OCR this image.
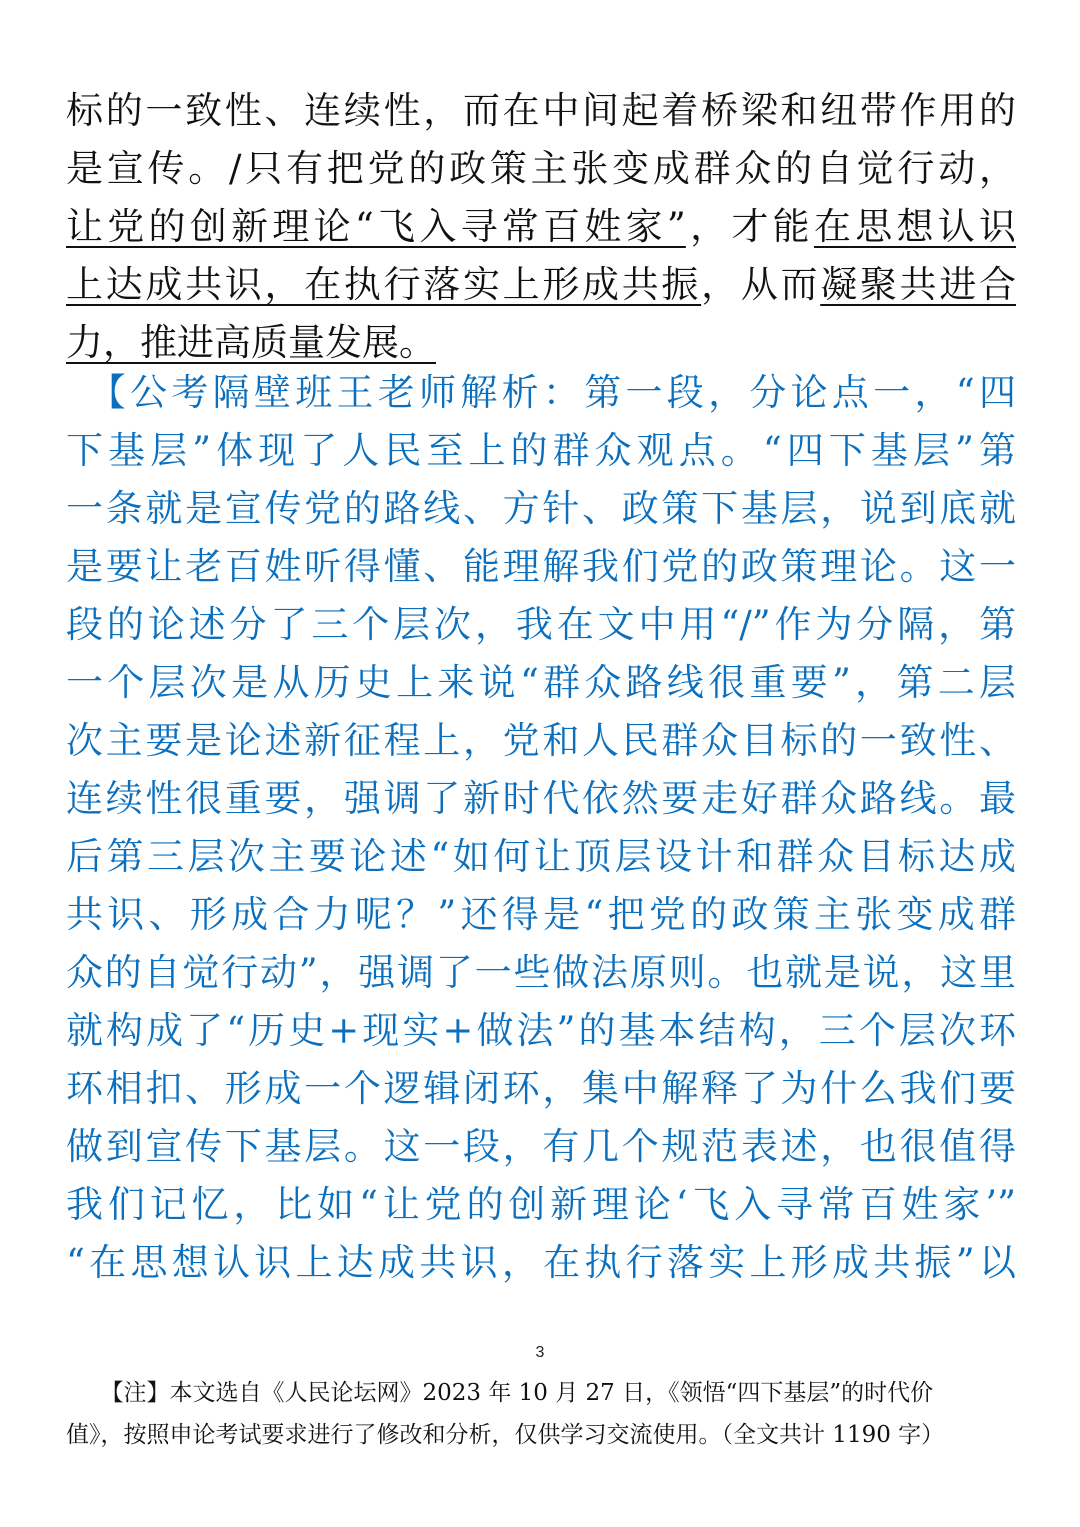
标的一致性、连续性，而在中间起着桥梁和纽带作用的
是宣传。/只有把党的政策主张变成群众的自觉行动，
让党的创新理论“飞入寻常百姓家”，才能在思想认识
上达成共识，在执行落实上形成共振，从而凝聚共进合
力，推进高质量发展。
　【公考隔壁班王老师解析：第一段，分论点一，“四
下基层”体现了人民至上的群众观点。“四下基层”第
一条就是宣传党的路线、方针、政策下基层，说到底就
是要让老百姓听得懂、能理解我们党的政策理论。这一
段的论述分了三个层次，我在文中用“/”作为分隔，第
一个层次是从历史上来说“群众路线很重要”，第二层
次主要是论述新征程上，党和人民群众目标的一致性、
连续性很重要，强调了新时代依然要走好群众路线。最
后第三层次主要论述“如何让顶层设计和群众目标达成
共识、形成合力呢？”还得是“把党的政策主张变成群
众的自觉行动”，强调了一些做法原则。也就是说，这里
就构成了“历史+现实+做法”的基本结构，三个层次环
环相扣、形成一个逻辑闭环，集中解释了为什么我们要
做到宣传下基层。这一段，有几个规范表述，也很值得
我们记忆，比如“让党的创新理论‘飞入寻常百姓家’”
“在思想认识上达成共识，在执行落实上形成共振”以
3
　　【注】本文选自《人民论坛网》2023 年 10 月 27 日，《领悟“四下基层”的时代价
值》，按照申论考试要求进行了修改和分析，仅供学习交流使用。（全文共计 1190 字）
